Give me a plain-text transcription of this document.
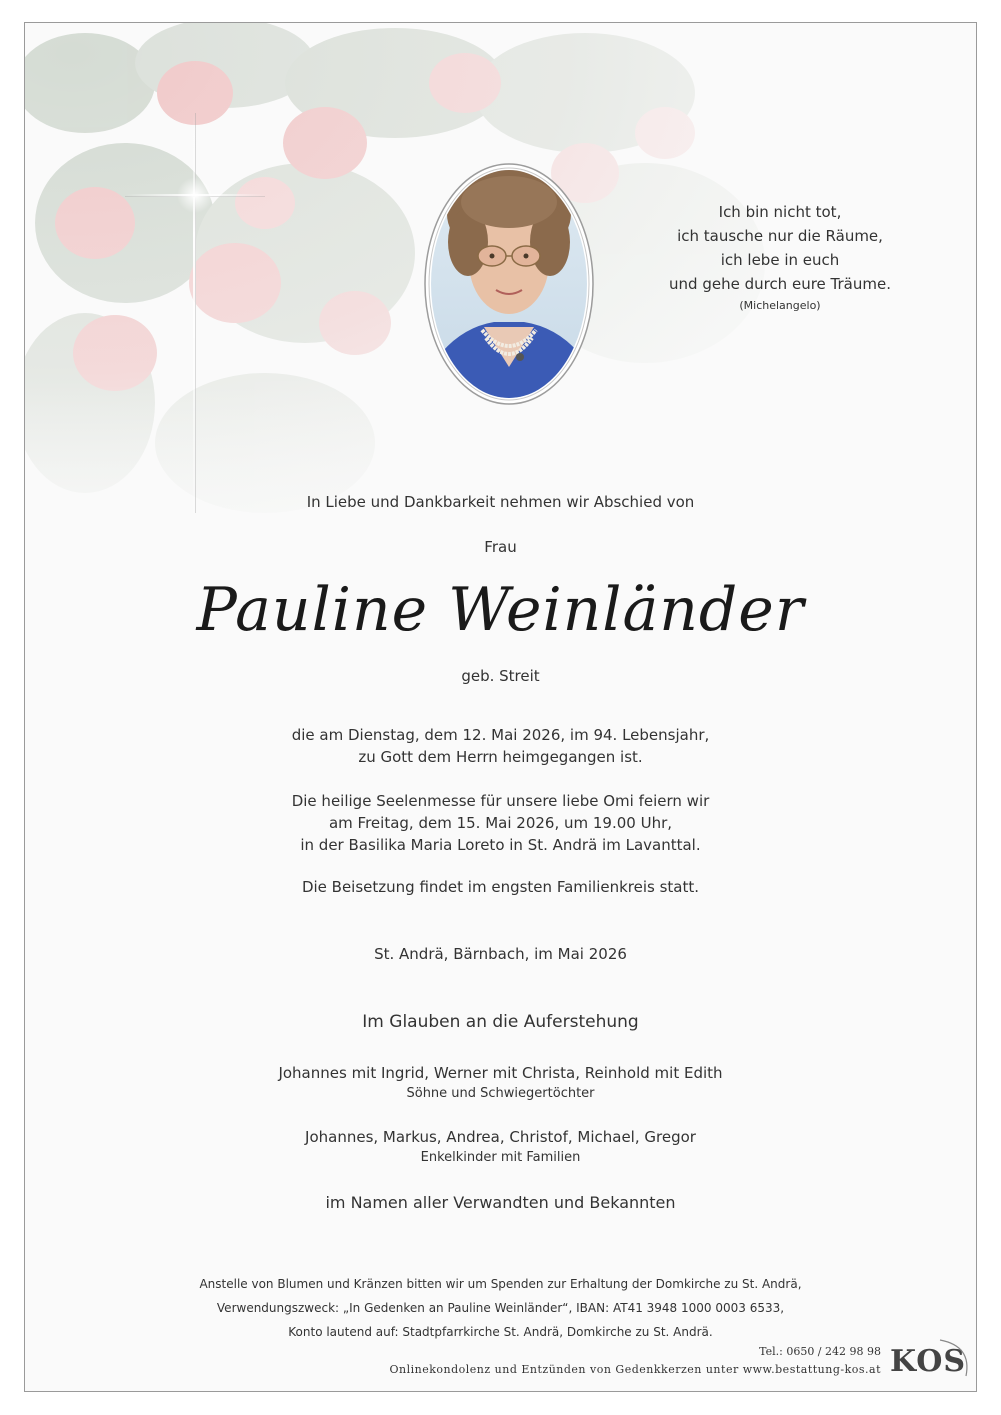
Ich bin nicht tot,
ich tausche nur die Räume,
ich lebe in euch
und gehe durch eure Träume.
(Michelangelo)
In Liebe und Dankbarkeit nehmen wir Abschied von
Frau
Pauline Weinländer
geb. Streit
die am Dienstag, dem 12. Mai 2026, im 94. Lebensjahr,
zu Gott dem Herrn heimgegangen ist.
Die heilige Seelenmesse für unsere liebe Omi feiern wir
am Freitag, dem 15. Mai 2026, um 19.00 Uhr,
in der Basilika Maria Loreto in St. Andrä im Lavanttal.
Die Beisetzung findet im engsten Familienkreis statt.
St. Andrä, Bärnbach, im Mai 2026
Im Glauben an die Auferstehung
Johannes mit Ingrid, Werner mit Christa, Reinhold mit Edith
Söhne und Schwiegertöchter
Johannes, Markus, Andrea, Christof, Michael, Gregor
Enkelkinder mit Familien
im Namen aller Verwandten und Bekannten
Anstelle von Blumen und Kränzen bitten wir um Spenden zur Erhaltung der Domkirche zu St. Andrä,
Verwendungszweck: „In Gedenken an Pauline Weinländer“, IBAN: AT41 3948 1000 0003 6533,
Konto lautend auf: Stadtpfarrkirche St. Andrä, Domkirche zu St. Andrä.
Tel.: 0650 / 242 98 98
Onlinekondolenz und Entzünden von Gedenkkerzen unter www.bestattung-kos.at KOS
